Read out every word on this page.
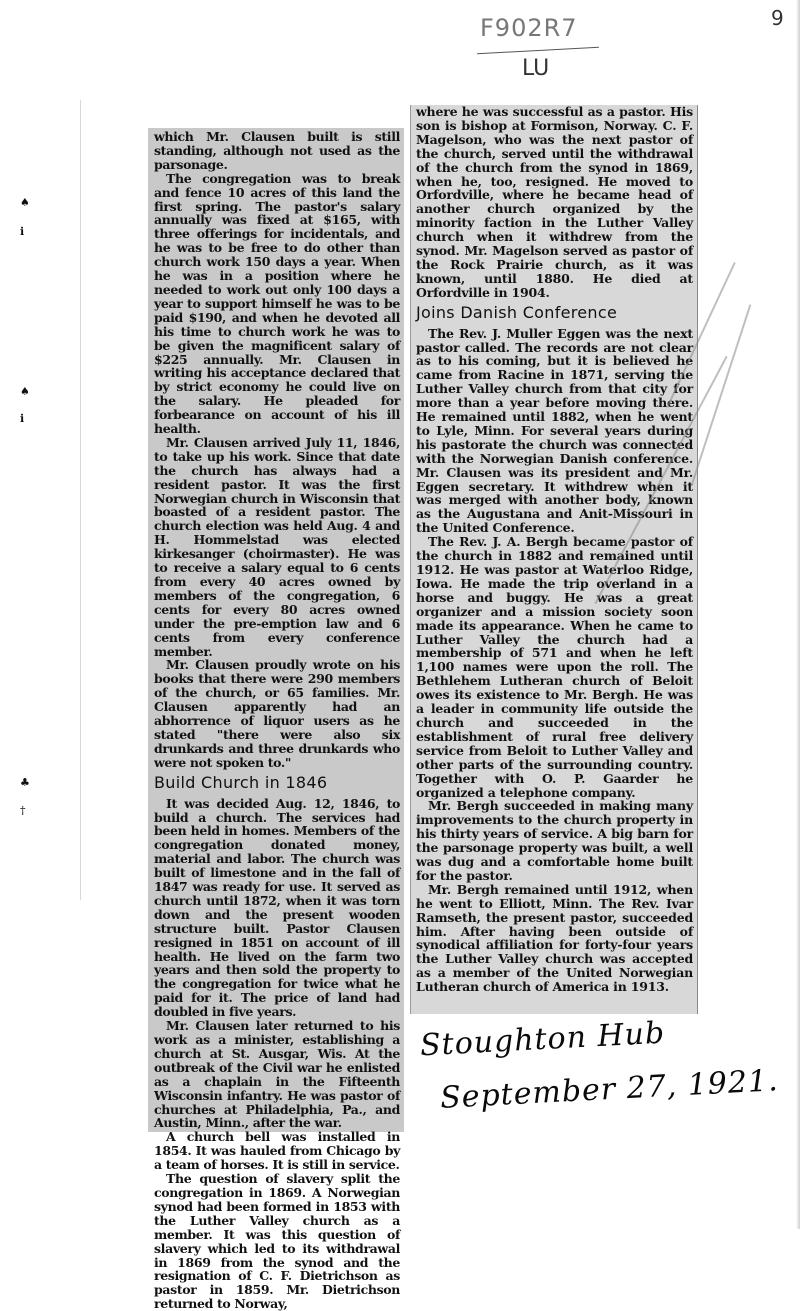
♠
ℹ
♠
ℹ
♣
†
F902R7
LU
9

which Mr. Clausen built is still standing, although not used as the parsonage.

The congregation was to break and fence 10 acres of this land the first spring. The pastor's salary annually was fixed at $165, with three offerings for incidentals, and he was to be free to do other than church work 150 days a year. When he was in a position where he needed to work out only 100 days a year to support himself he was to be paid $190, and when he devoted all his time to church work he was to be given the magnificent salary of $225 annually. Mr. Clausen in writing his acceptance declared that by strict economy he could live on the salary. He pleaded for forbearance on account of his ill health.

Mr. Clausen arrived July 11, 1846, to take up his work. Since that date the church has always had a resident pastor. It was the first Norwegian church in Wisconsin that boasted of a resident pastor. The church election was held Aug. 4 and H. Hommelstad was elected kirkesanger (choirmaster). He was to receive a salary equal to 6 cents from every 40 acres owned by members of the congregation, 6 cents for every 80 acres owned under the pre-emption law and 6 cents from every conference member.

Mr. Clausen proudly wrote on his books that there were 290 members of the church, or 65 families. Mr. Clausen apparently had an abhorrence of liquor users as he stated "there were also six drunkards and three drunkards who were not spoken to."

Build Church in 1846

It was decided Aug. 12, 1846, to build a church. The services had been held in homes. Members of the congregation donated money, material and labor. The church was built of limestone and in the fall of 1847 was ready for use. It served as church until 1872, when it was torn down and the present wooden structure built. Pastor Clausen resigned in 1851 on account of ill health. He lived on the farm two years and then sold the property to the congregation for twice what he paid for it. The price of land had doubled in five years.

Mr. Clausen later returned to his work as a minister, establishing a church at St. Ausgar, Wis. At the outbreak of the Civil war he enlisted as a chaplain in the Fifteenth Wisconsin infantry. He was pastor of churches at Philadelphia, Pa., and Austin, Minn., after the war.

A church bell was installed in 1854. It was hauled from Chicago by a team of horses. It is still in service.

The question of slavery split the congregation in 1869. A Norwegian synod had been formed in 1853 with the Luther Valley church as a member. It was this question of slavery which led to its withdrawal in 1869 from the synod and the resignation of C. F. Dietrichson as pastor in 1859. Mr. Dietrichson returned to Norway,

where he was successful as a pastor. His son is bishop at Formison, Norway. C. F. Magelson, who was the next pastor of the church, served until the withdrawal of the church from the synod in 1869, when he, too, resigned. He moved to Orfordville, where he became head of another church organized by the minority faction in the Luther Valley church when it withdrew from the synod. Mr. Magelson served as pastor of the Rock Prairie church, as it was known, until 1880. He died at Orfordville in 1904.

Joins Danish Conference

The Rev. J. Muller Eggen was the next pastor called. The records are not clear as to his coming, but it is believed he came from Racine in 1871, serving the Luther Valley church from that city for more than a year before moving there. He remained until 1882, when he went to Lyle, Minn. For several years during his pastorate the church was connected with the Norwegian Danish conference. Mr. Clausen was its president and Mr. Eggen secretary. It withdrew when it was merged with another body, known as the Augustana and Anit-Missouri in the United Conference.

The Rev. J. A. Bergh became pastor of the church in 1882 and remained until 1912. He was pastor at Waterloo Ridge, Iowa. He made the trip overland in a horse and buggy. He was a great organizer and a mission society soon made its appearance. When he came to Luther Valley the church had a membership of 571 and when he left 1,100 names were upon the roll. The Bethlehem Lutheran church of Beloit owes its existence to Mr. Bergh. He was a leader in community life outside the church and succeeded in the establishment of rural free delivery service from Beloit to Luther Valley and other parts of the surrounding country. Together with O. P. Gaarder he organized a telephone company.

Mr. Bergh succeeded in making many improvements to the church property in his thirty years of service. A big barn for the parsonage property was built, a well was dug and a comfortable home built for the pastor.

Mr. Bergh remained until 1912, when he went to Elliott, Minn. The Rev. Ivar Ramseth, the present pastor, succeeded him. After having been outside of synodical affiliation for forty-four years the Luther Valley church was accepted as a member of the United Norwegian Lutheran church of America in 1913.

Stoughton Hub
September 27, 1921.
